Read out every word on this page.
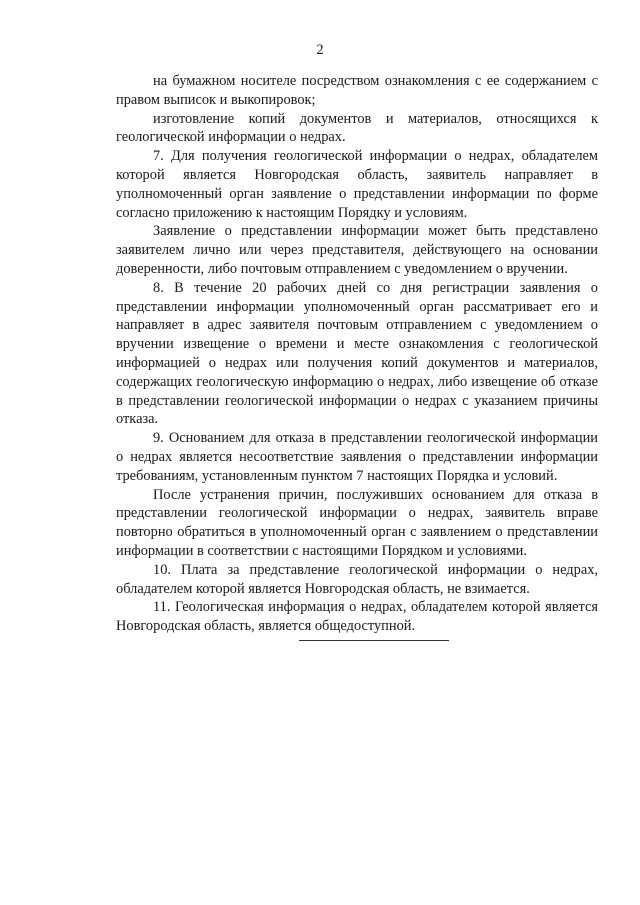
2

на бумажном носителе посредством ознакомления с ее содержанием с правом выписок и выкопировок;

изготовление копий документов и материалов, относящихся к геологической информации о недрах.

7. Для получения геологической информации о недрах, обладателем которой является Новгородская область, заявитель направляет в уполномоченный орган заявление о представлении информации по форме согласно приложению к настоящим Порядку и условиям.

Заявление о представлении информации может быть представлено заявителем лично или через представителя, действующего на основании доверенности, либо почтовым отправлением с уведомлением о вручении.

8. В течение 20 рабочих дней со дня регистрации заявления о представлении информации уполномоченный орган рассматривает его и направляет в адрес заявителя почтовым отправлением с уведомлением о вручении извещение о времени и месте ознакомления с геологической информацией о недрах или получения копий документов и материалов, содержащих геологическую информацию о недрах, либо извещение об отказе в представлении геологической информации о недрах с указанием причины отказа.

9. Основанием для отказа в представлении геологической информации о недрах является несоответствие заявления о представлении информации требованиям, установленным пунктом 7 настоящих Порядка и условий.

После устранения причин, послуживших основанием для отказа в представлении геологической информации о недрах, заявитель вправе повторно обратиться в уполномоченный орган с заявлением о представлении информации в соответствии с настоящими Порядком и условиями.

10. Плата за представление геологической информации о недрах, обладателем которой является Новгородская область, не взимается.

11. Геологическая информация о недрах, обладателем которой является Новгородская область, является общедоступной.
